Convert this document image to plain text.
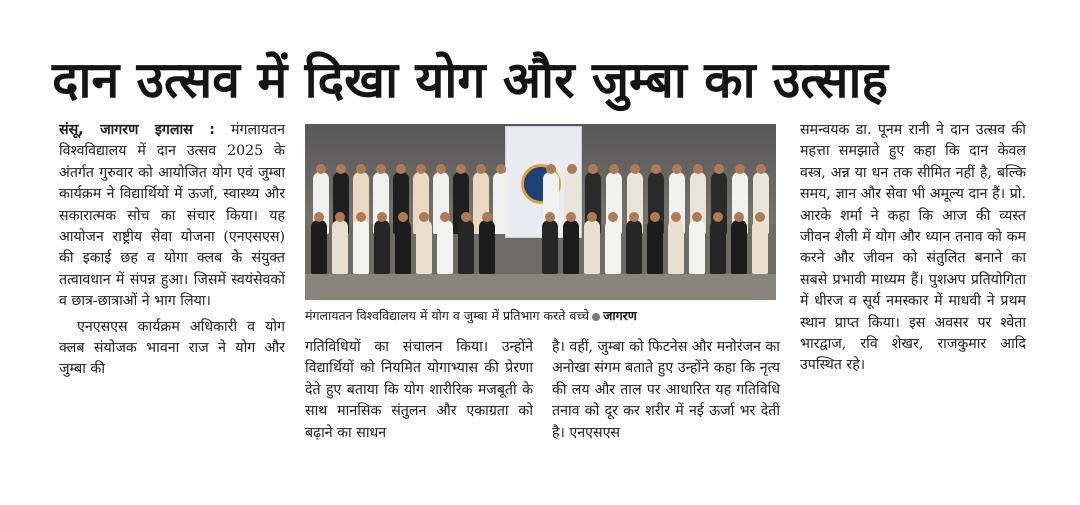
दान उत्सव में दिखा योग और जुम्बा का उत्साह

संसू, जागरण इगलास : मंगलायतन विश्वविद्यालय में दान उत्सव 2025 के अंतर्गत गुरुवार को आयोजित योग एवं जुम्बा कार्यक्रम ने विद्यार्थियों में ऊर्जा, स्वास्थ्य और सकारात्मक सोच का संचार किया। यह आयोजन राष्ट्रीय सेवा योजना (एनएसएस) की इकाई छह व योगा क्लब के संयुक्त तत्वावधान में संपन्न हुआ। जिसमें स्वयंसेवकों व छात्र-छात्राओं ने भाग लिया।

एनएसएस कार्यक्रम अधिकारी व योग क्लब संयोजक भावना राज ने योग और जुम्बा की

मंगलायतन विश्वविद्यालय में योग व जुम्बा में प्रतिभाग करते बच्चे जागरण

गतिविधियों का संचालन किया। उन्होंने विद्यार्थियों को नियमित योगाभ्यास की प्रेरणा देते हुए बताया कि योग शारीरिक मजबूती के साथ मानसिक संतुलन और एकाग्रता को बढ़ाने का साधन

है। वहीं, जुम्बा को फिटनेस और मनोरंजन का अनोखा संगम बताते हुए उन्होंने कहा कि नृत्य की लय और ताल पर आधारित यह गतिविधि तनाव को दूर कर शरीर में नई ऊर्जा भर देती है। एनएसएस

समन्वयक डा. पूनम रानी ने दान उत्सव की महत्ता समझाते हुए कहा कि दान केवल वस्त्र, अन्न या धन तक सीमित नहीं है, बल्कि समय, ज्ञान और सेवा भी अमूल्य दान हैं। प्रो. आरके शर्मा ने कहा कि आज की व्यस्त जीवन शैली में योग और ध्यान तनाव को कम करने और जीवन को संतुलित बनाने का सबसे प्रभावी माध्यम हैं। पुशअप प्रतियोगिता में धीरज व सूर्य नमस्कार में माधवी ने प्रथम स्थान प्राप्त किया। इस अवसर पर श्वेता भारद्वाज, रवि शेखर, राजकुमार आदि उपस्थित रहे।
